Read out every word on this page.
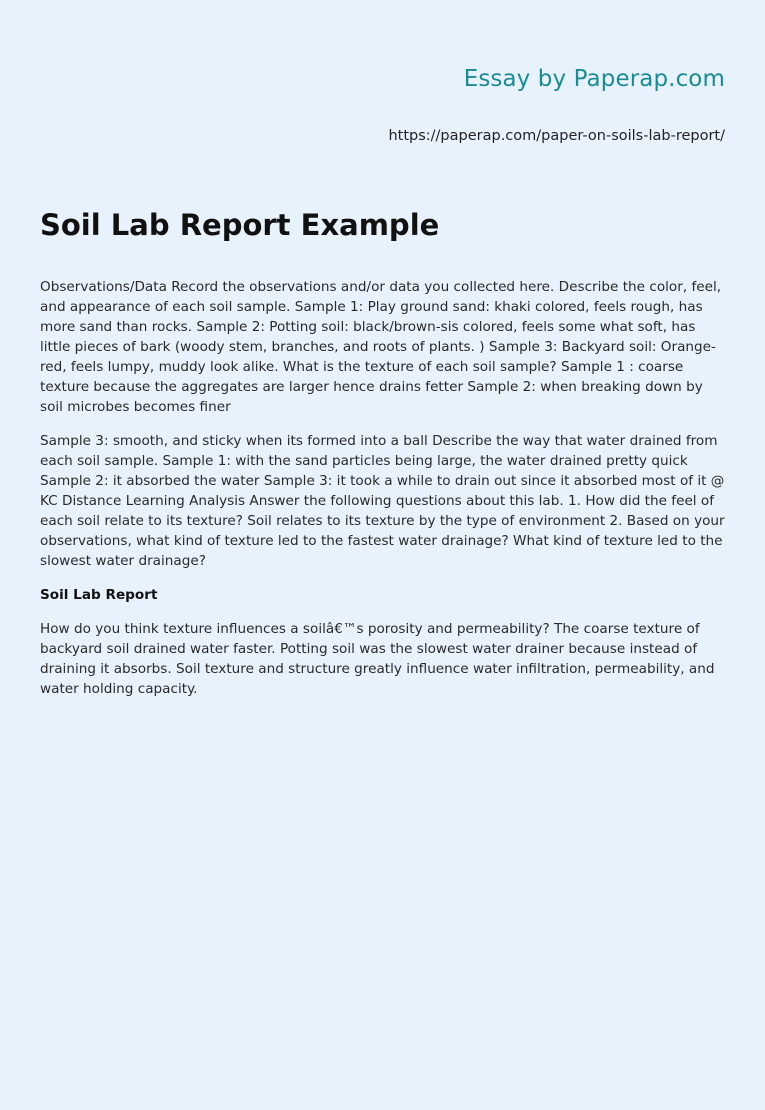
Essay by Paperap.com
https://paperap.com/paper-on-soils-lab-report/
Soil Lab Report Example

Observations/Data Record the observations and/or data you collected here. Describe the color, feel, and appearance of each soil sample. Sample 1: Play ground sand: khaki colored, feels rough, has more sand than rocks. Sample 2: Potting soil: black/brown-sis colored, feels some what soft, has little pieces of bark (woody stem, branches, and roots of plants. ) Sample 3: Backyard soil: Orange-red, feels lumpy, muddy look alike. What is the texture of each soil sample? Sample 1 : coarse texture because the aggregates are larger hence drains fetter Sample 2: when breaking down by soil microbes becomes finer

Sample 3: smooth, and sticky when its formed into a ball Describe the way that water drained from each soil sample. Sample 1: with the sand particles being large, the water drained pretty quick Sample 2: it absorbed the water Sample 3: it took a while to drain out since it absorbed most of it @ KC Distance Learning Analysis Answer the following questions about this lab. 1. How did the feel of each soil relate to its texture? Soil relates to its texture by the type of environment 2. Based on your observations, what kind of texture led to the fastest water drainage? What kind of texture led to the slowest water drainage?

Soil Lab Report

How do you think texture influences a soilâ€™s porosity and permeability? The coarse texture of backyard soil drained water faster. Potting soil was the slowest water drainer because instead of draining it absorbs. Soil texture and structure greatly influence water infiltration, permeability, and water holding capacity.
